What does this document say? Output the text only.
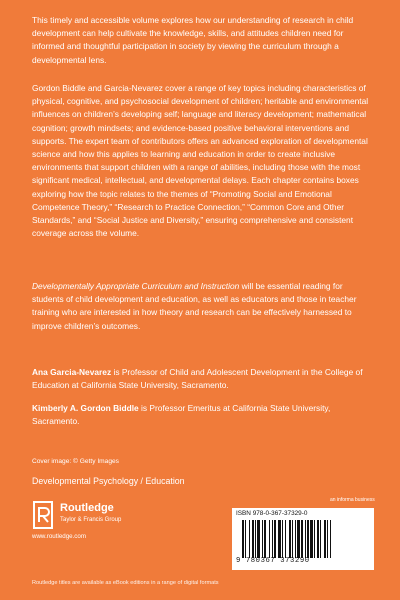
This timely and accessible volume explores how our understanding of research in child development can help cultivate the knowledge, skills, and attitudes children need for informed and thoughtful participation in society by viewing the curriculum through a developmental lens.

Gordon Biddle and Garcia-Nevarez cover a range of key topics including characteristics of physical, cognitive, and psychosocial development of children; heritable and environmental influences on children’s developing self; language and literacy development; mathematical cognition; growth mindsets; and evidence-based positive behavioral interventions and supports. The expert team of contributors offers an advanced exploration of developmental science and how this applies to learning and education in order to create inclusive environments that support children with a range of abilities, including those with the most significant medical, intellectual, and developmental delays. Each chapter contains boxes exploring how the topic relates to the themes of “Promoting Social and Emotional Competence Theory,” “Research to Practice Connection,” “Common Core and Other Standards,” and “Social Justice and Diversity,” ensuring comprehensive and consistent coverage across the volume.

Developmentally Appropriate Curriculum and Instruction will be essential reading for students of child development and education, as well as educators and those in teacher training who are interested in how theory and research can be effectively harnessed to improve children’s outcomes.

Ana Garcia-Nevarez is Professor of Child and Adolescent Development in the College of Education at California State University, Sacramento.

Kimberly A. Gordon Biddle is Professor Emeritus at California State University, Sacramento.

Cover image: © Getty Images

Developmental Psychology / Education

Routledge
Taylor & Francis Group

www.routledge.com

an informa business
ISBN 978-0-367-37329-0
9 780367 373290

Routledge titles are available as eBook editions in a range of digital formats
